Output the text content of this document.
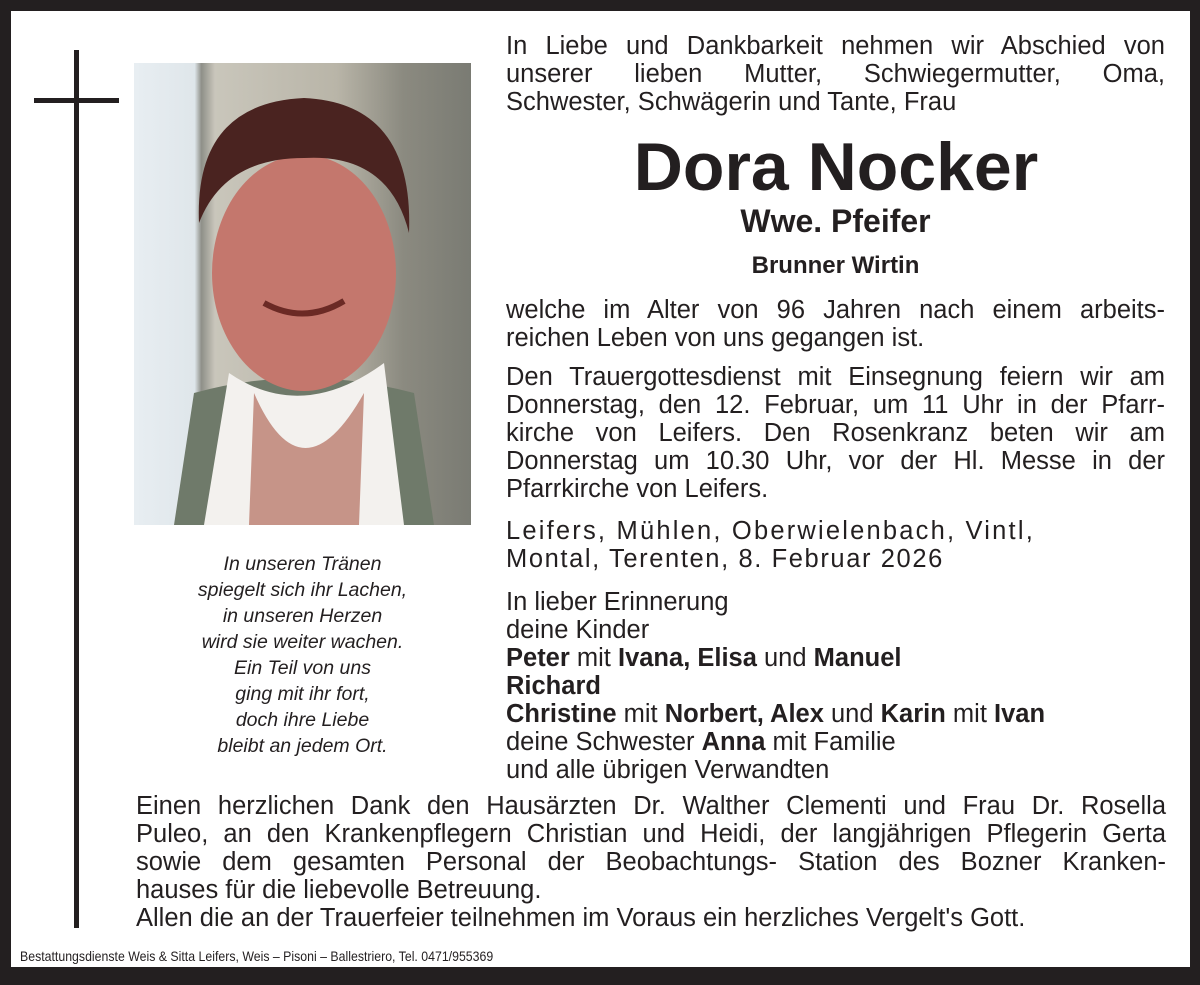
In Liebe und Dankbarkeit nehmen wir Abschied von
unserer lieben Mutter, Schwiegermutter, Oma,
Schwester, Schwägerin und Tante, Frau
Dora Nocker
Wwe. Pfeifer
Brunner Wirtin
welche im Alter von 96 Jahren nach einem arbeits-
reichen Leben von uns gegangen ist.
Den Trauergottesdienst mit Einsegnung feiern wir am
Donnerstag, den 12. Februar, um 11 Uhr in der Pfarr-
kirche von Leifers. Den Rosenkranz beten wir am
Donnerstag um 10.30 Uhr, vor der Hl. Messe in der
Pfarrkirche von Leifers.
Leifers, Mühlen, Oberwielenbach, Vintl,
Montal, Terenten, 8. Februar 2026
In lieber Erinnerung
deine Kinder
Peter mit Ivana, Elisa und Manuel
Richard
Christine mit Norbert, Alex und Karin mit Ivan
deine Schwester Anna mit Familie
und alle übrigen Verwandten
In unseren Tränen
spiegelt sich ihr Lachen,
in unseren Herzen
wird sie weiter wachen.
Ein Teil von uns
ging mit ihr fort,
doch ihre Liebe
bleibt an jedem Ort.
Einen herzlichen Dank den Hausärzten Dr. Walther Clementi und Frau Dr. Rosella
Puleo, an den Krankenpflegern Christian und Heidi, der langjährigen Pflegerin Gerta
sowie dem gesamten Personal der Beobachtungs- Station des Bozner Kranken-
hauses für die liebevolle Betreuung.
Allen die an der Trauerfeier teilnehmen im Voraus ein herzliches Vergelt's Gott.
Bestattungsdienste Weis & Sitta Leifers, Weis – Pisoni – Ballestriero, Tel. 0471/955369
